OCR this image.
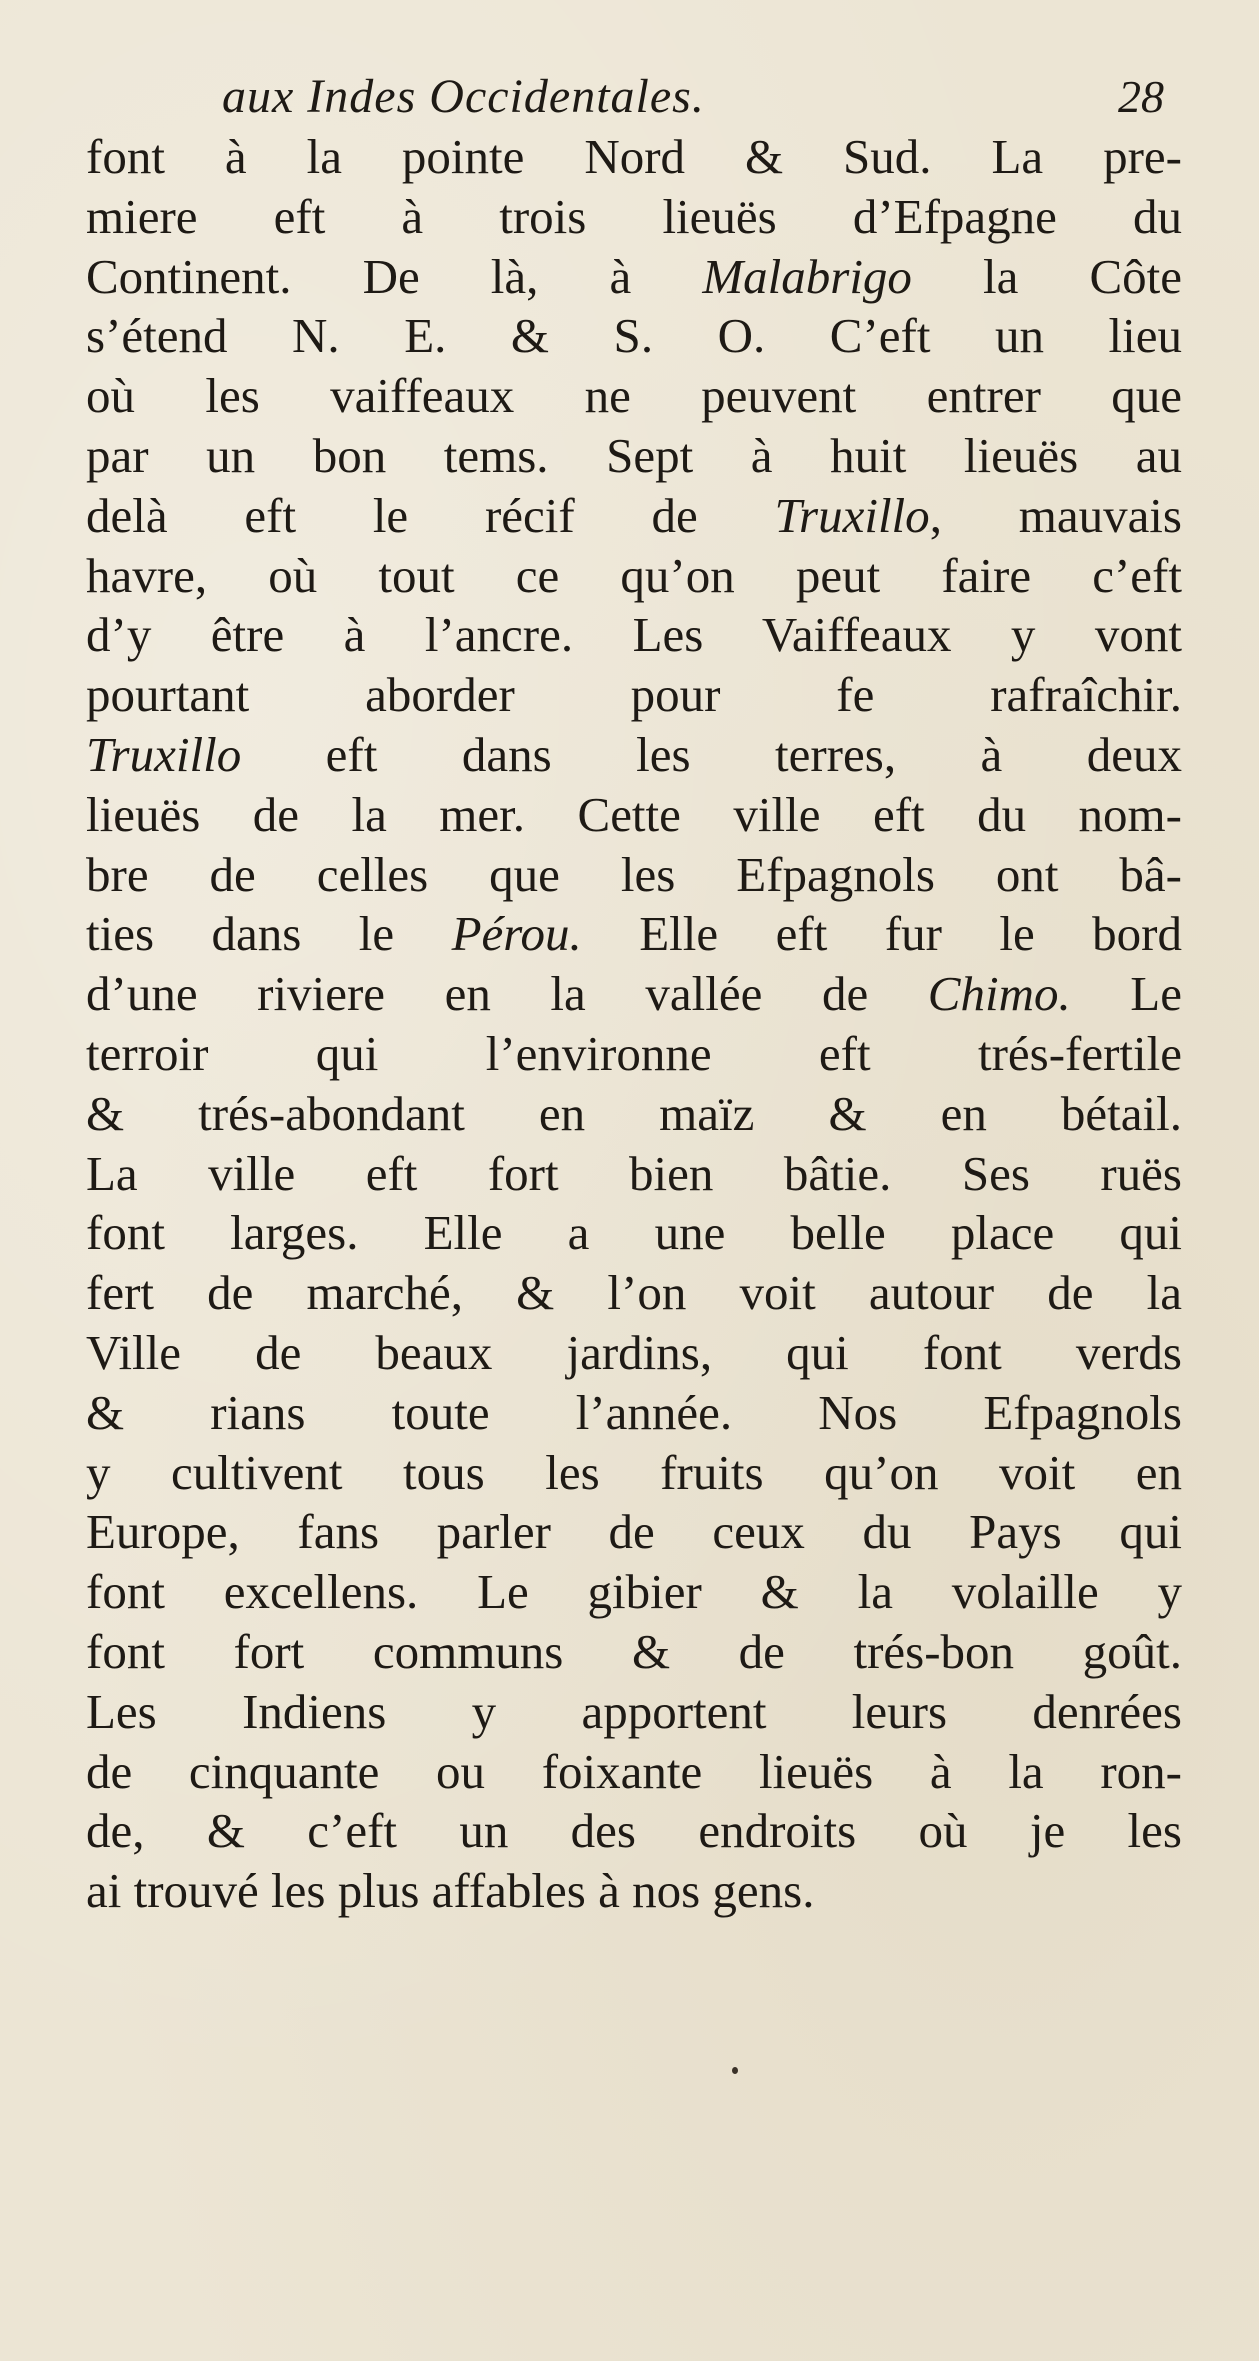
aux Indes Occidentales.	28
font à la pointe Nord & Sud. La pre-
miere eft à trois lieuës d’Efpagne du
Continent. De là, à Malabrigo la Côte
s’étend N. E. & S. O. C’eft un lieu
où les vaiffeaux ne peuvent entrer que
par un bon tems. Sept à huit lieuës au
delà eft le récif de Truxillo, mauvais
havre, où tout ce qu’on peut faire c’eft
d’y être à l’ancre. Les Vaiffeaux y vont
pourtant aborder pour fe rafraîchir.
Truxillo eft dans les terres, à deux
lieuës de la mer. Cette ville eft du nom-
bre de celles que les Efpagnols ont bâ-
ties dans le Pérou. Elle eft fur le bord
d’une riviere en la vallée de Chimo. Le
terroir qui l’environne eft trés-fertile
& trés-abondant en maïz & en bétail.
La ville eft fort bien bâtie. Ses ruës
font larges. Elle a une belle place qui
fert de marché, & l’on voit autour de la
Ville de beaux jardins, qui font verds
& rians toute l’année. Nos Efpagnols
y cultivent tous les fruits qu’on voit en
Europe, fans parler de ceux du Pays qui
font excellens. Le gibier & la volaille y
font fort communs & de trés-bon goût.
Les Indiens y apportent leurs denrées
de cinquante ou foixante lieuës à la ron-
de, & c’eft un des endroits où je les
ai trouvé les plus affables à nos gens.
